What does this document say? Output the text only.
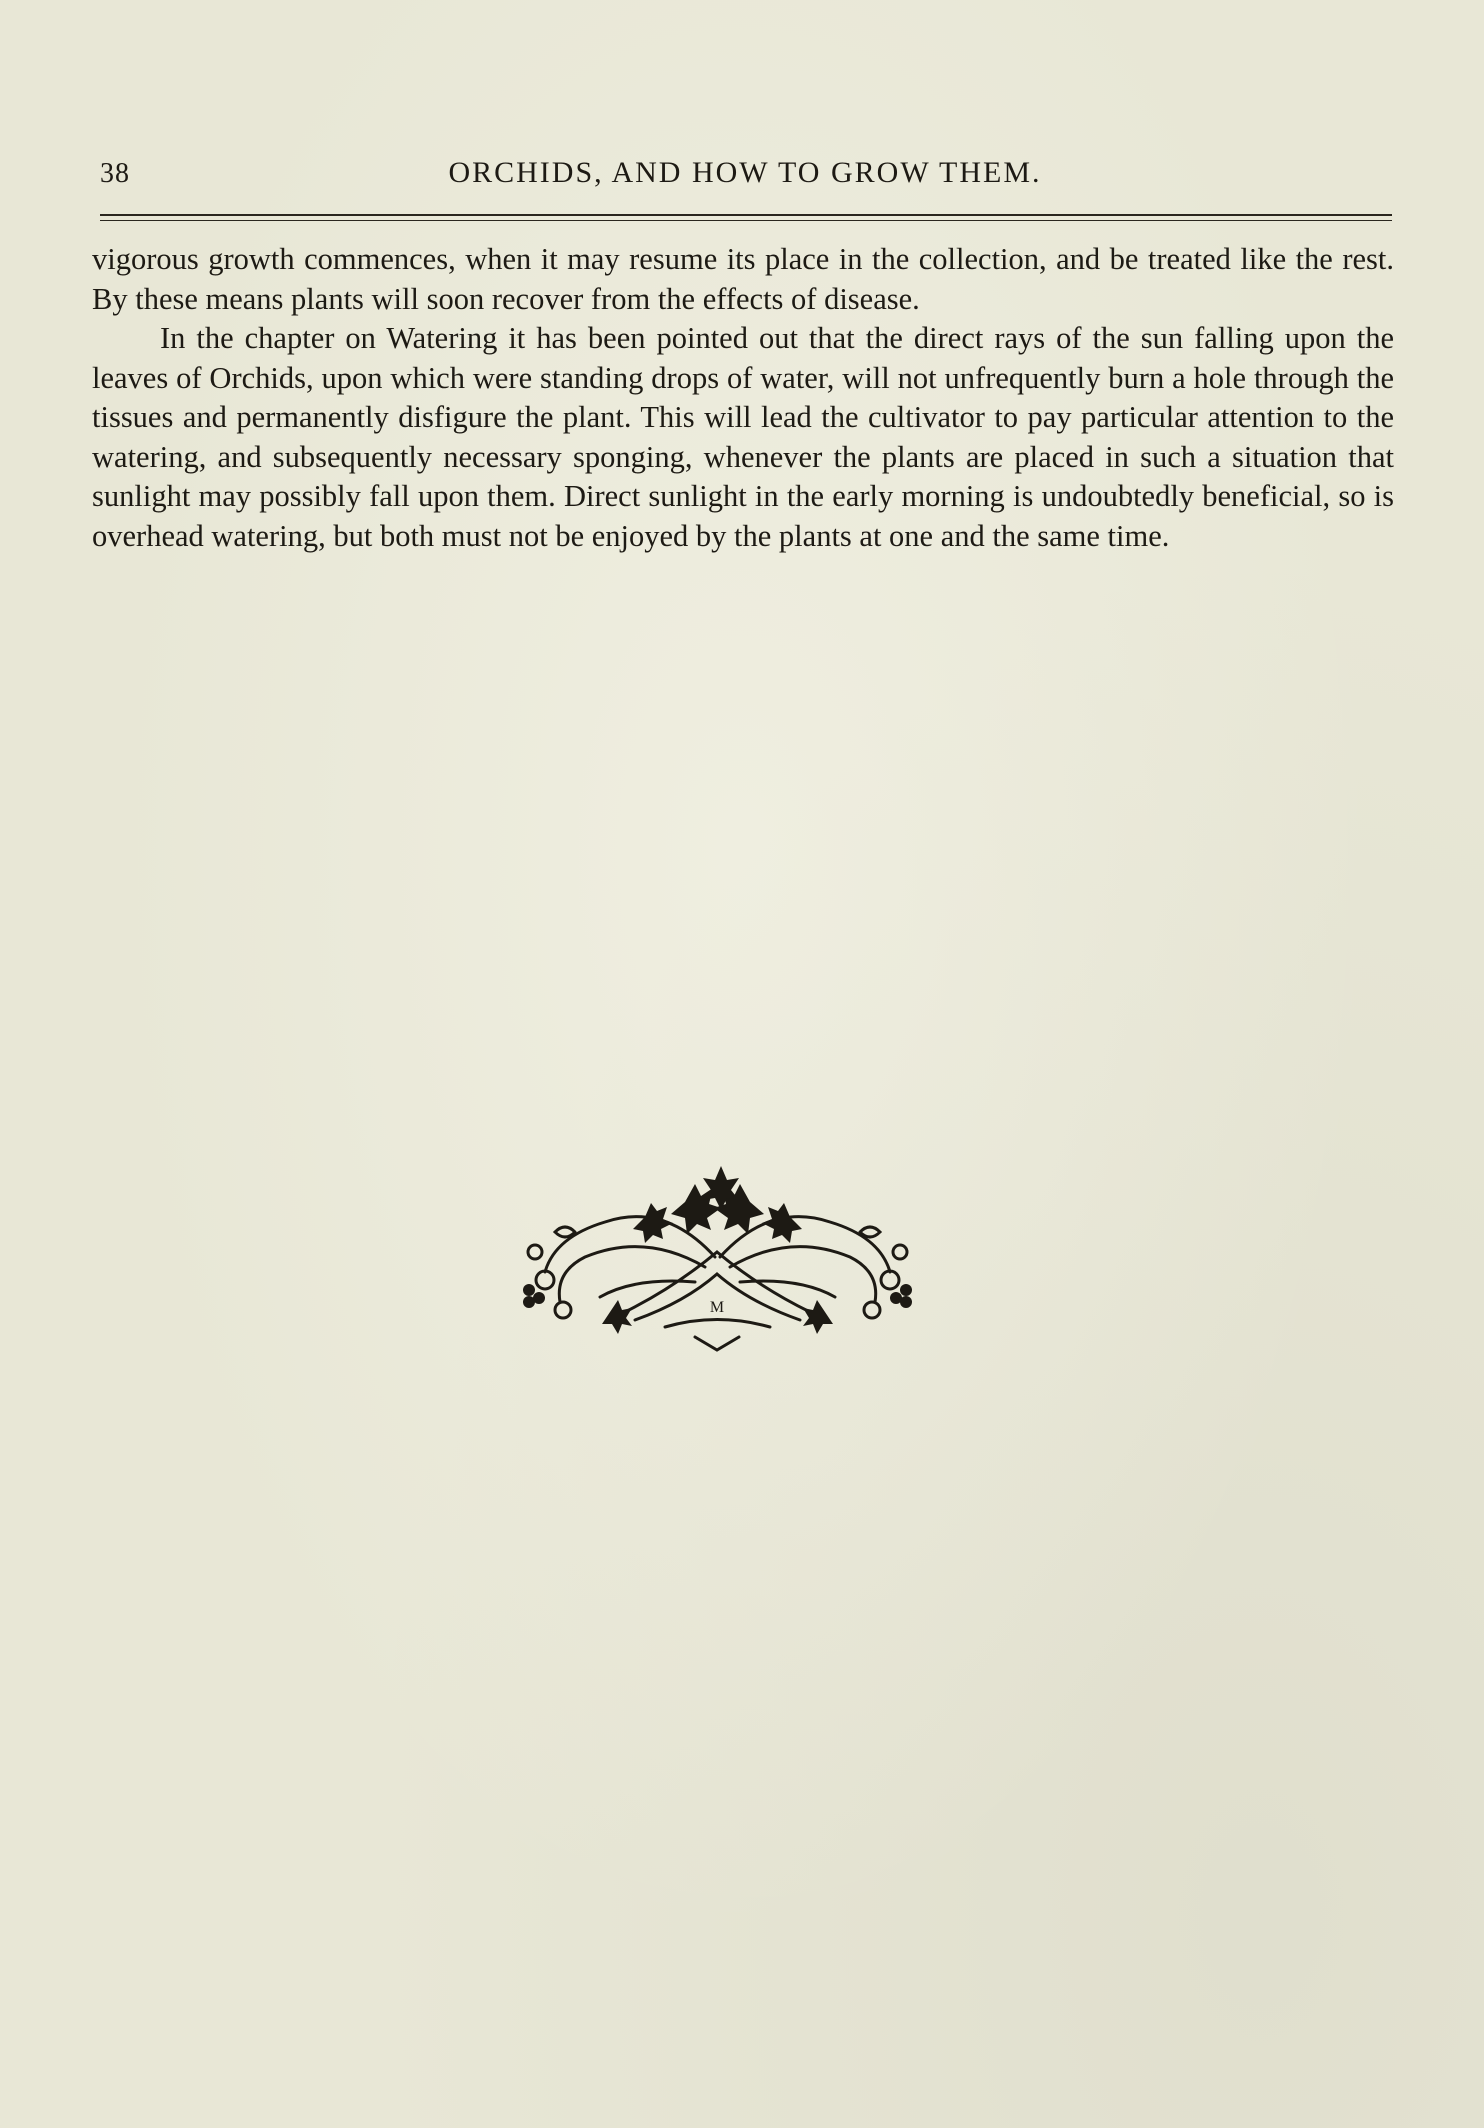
38	ORCHIDS, AND HOW TO GROW THEM.

vigorous growth commences, when it may resume its place in the collection, and be treated like the rest. By these means plants will soon recover from the effects of disease.

In the chapter on Watering it has been pointed out that the direct rays of the sun falling upon the leaves of Orchids, upon which were standing drops of water, will not unfrequently burn a hole through the tissues and permanently disfigure the plant. This will lead the cultivator to pay particular attention to the watering, and subsequently necessary sponging, whenever the plants are placed in such a situation that sunlight may possibly fall upon them. Direct sunlight in the early morning is undoubtedly beneficial, so is overhead watering, but both must not be enjoyed by the plants at one and the same time.

M
